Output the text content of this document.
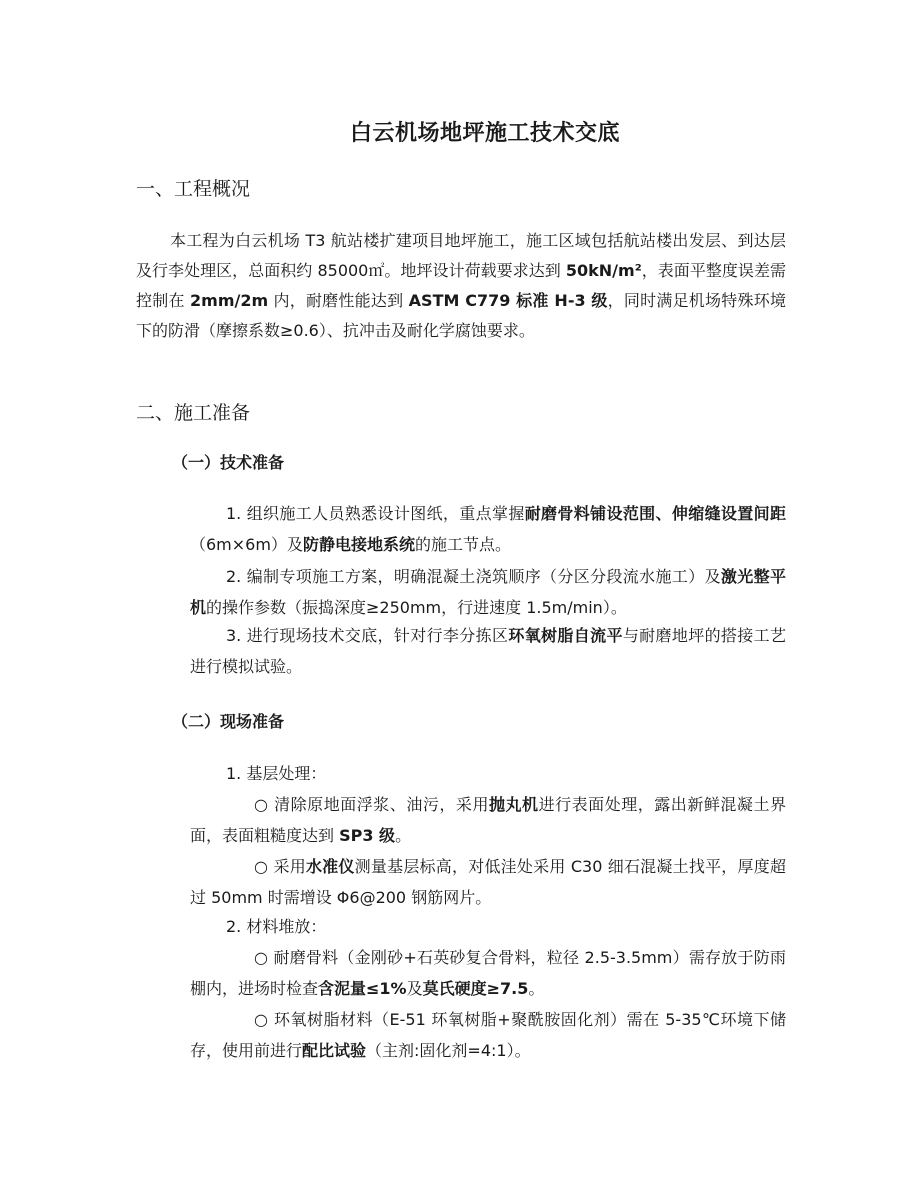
白云机场地坪施工技术交底
一、工程概况
本工程为白云机场 T3 航站楼扩建项目地坪施工，施工区域包括航站楼出发层、到达层及行李处理区，总面积约 85000㎡。地坪设计荷载要求达到 50kN/m²，表面平整度误差需控制在 2mm/2m 内，耐磨性能达到 ASTM C779 标准 H-3 级，同时满足机场特殊环境下的防滑（摩擦系数≥0.6）、抗冲击及耐化学腐蚀要求。
二、施工准备
（一）技术准备
1. 组织施工人员熟悉设计图纸，重点掌握耐磨骨料铺设范围、伸缩缝设置间距（6m×6m）及防静电接地系统的施工节点。
2. 编制专项施工方案，明确混凝土浇筑顺序（分区分段流水施工）及激光整平机的操作参数（振捣深度≥250mm，行进速度 1.5m/min）。
3. 进行现场技术交底，针对行李分拣区环氧树脂自流平与耐磨地坪的搭接工艺进行模拟试验。
（二）现场准备
1. 基层处理：
○ 清除原地面浮浆、油污，采用抛丸机进行表面处理，露出新鲜混凝土界面，表面粗糙度达到 SP3 级。
○ 采用水准仪测量基层标高，对低洼处采用 C30 细石混凝土找平，厚度超过 50mm 时需增设 Φ6@200 钢筋网片。
2. 材料堆放：
○ 耐磨骨料（金刚砂+石英砂复合骨料，粒径 2.5-3.5mm）需存放于防雨棚内，进场时检查含泥量≤1%及莫氏硬度≥7.5。
○ 环氧树脂材料（E-51 环氧树脂+聚酰胺固化剂）需在 5-35℃环境下储存，使用前进行配比试验（主剂:固化剂=4:1）。
